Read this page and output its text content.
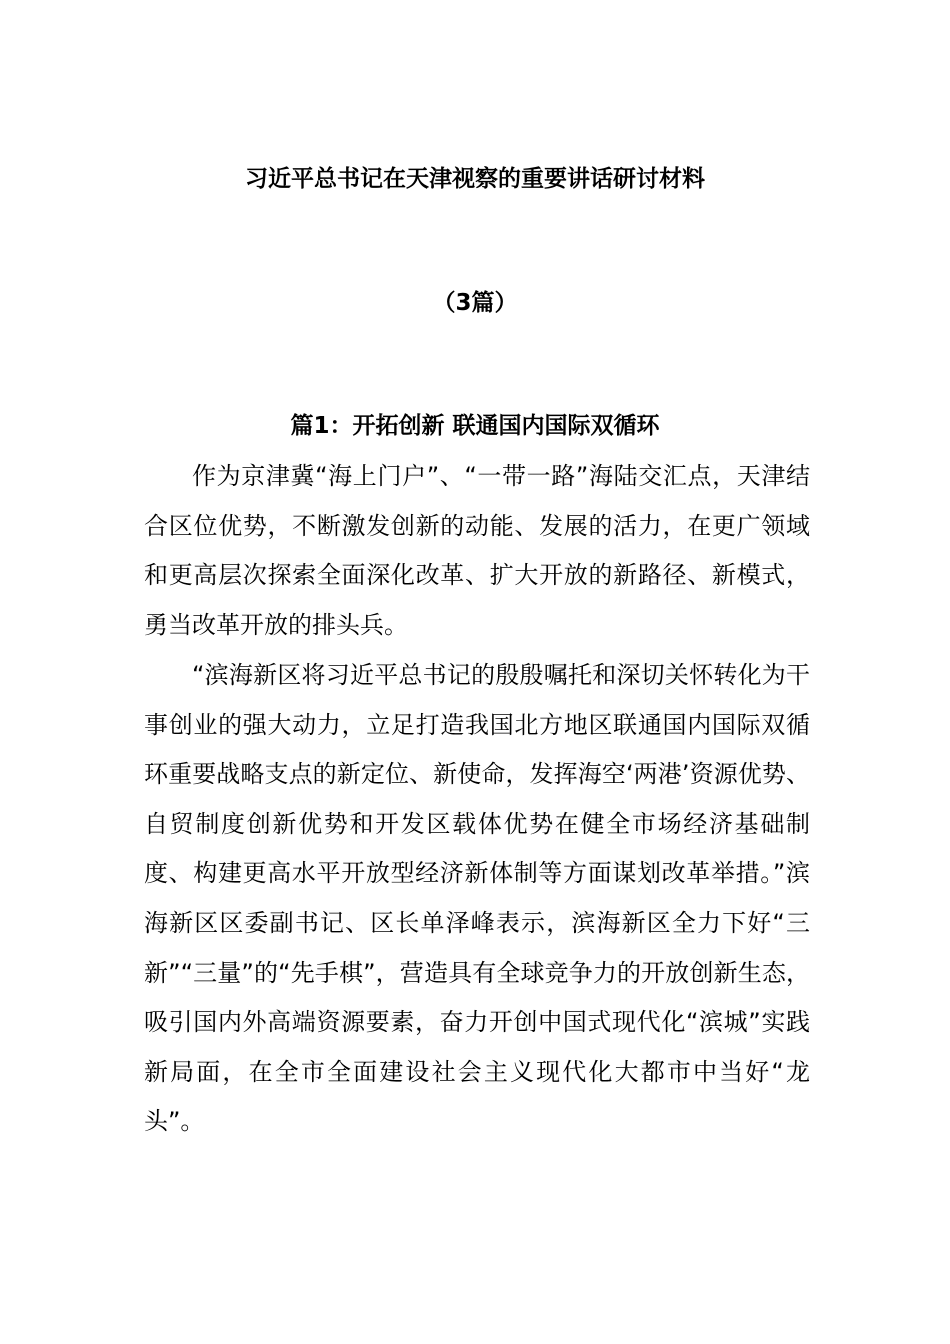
习近平总书记在天津视察的重要讲话研讨材料
（3篇）
篇1：开拓创新 联通国内国际双循环

作为京津冀“海上门户”、“一带一路”海陆交汇点，天津结合区位优势，不断激发创新的动能、发展的活力，在更广领域和更高层次探索全面深化改革、扩大开放的新路径、新模式，勇当改革开放的排头兵。

“滨海新区将习近平总书记的殷殷嘱托和深切关怀转化为干事创业的强大动力，立足打造我国北方地区联通国内国际双循环重要战略支点的新定位、新使命，发挥海空‘两港’资源优势、自贸制度创新优势和开发区载体优势在健全市场经济基础制度、构建更高水平开放型经济新体制等方面谋划改革举措。”滨海新区区委副书记、区长单泽峰表示，滨海新区全力下好“三新”“三量”的“先手棋”，营造具有全球竞争力的开放创新生态，吸引国内外高端资源要素，奋力开创中国式现代化“滨城”实践新局面，在全市全面建设社会主义现代化大都市中当好“龙头”。
